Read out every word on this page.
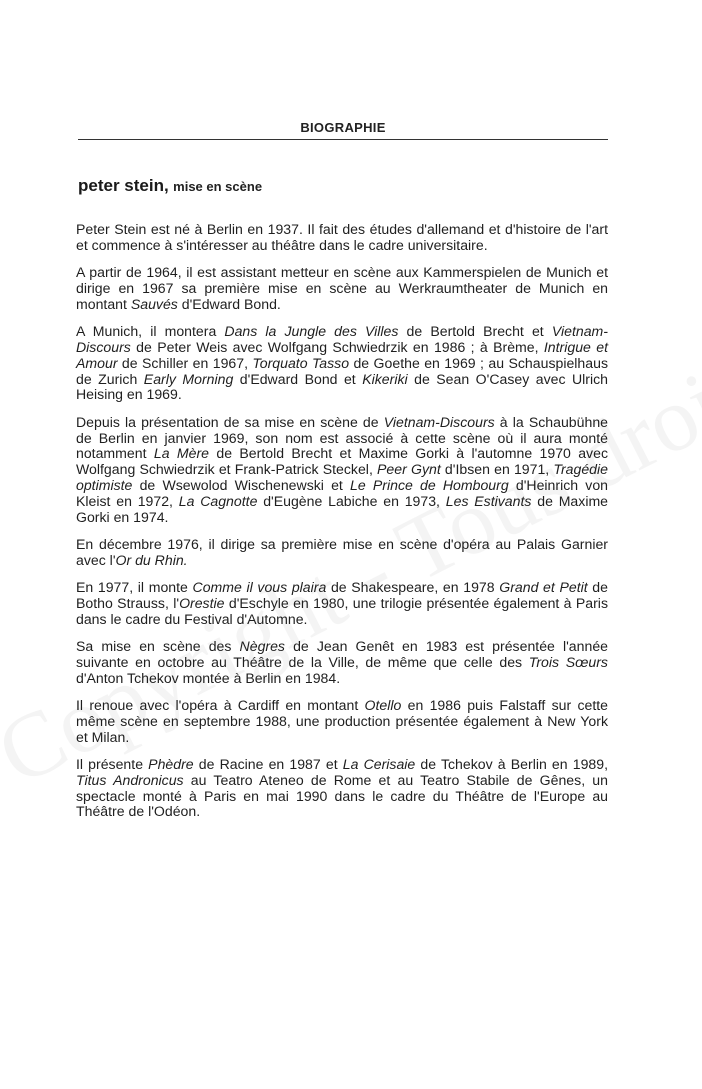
BIOGRAPHIE
peter stein, mise en scène

Peter Stein est né à Berlin en 1937. Il fait des études d'allemand et d'histoire de l'art et commence à s'intéresser au théâtre dans le cadre universitaire.

A partir de 1964, il est assistant metteur en scène aux Kammerspielen de Munich et dirige en 1967 sa première mise en scène au Werkraumtheater de Munich en montant Sauvés d'Edward Bond.

A Munich, il montera Dans la Jungle des Villes de Bertold Brecht et Vietnam-Discours de Peter Weis avec Wolfgang Schwiedrzik en 1986 ; à Brème, Intrigue et Amour de Schiller en 1967, Torquato Tasso de Goethe en 1969 ; au Schauspielhaus de Zurich Early Morning d'Edward Bond et Kikeriki de Sean O'Casey avec Ulrich Heising en 1969.

Depuis la présentation de sa mise en scène de Vietnam-Discours à la Schaubühne de Berlin en janvier 1969, son nom est associé à cette scène où il aura monté notamment La Mère de Bertold Brecht et Maxime Gorki à l'automne 1970 avec Wolfgang Schwiedrzik et Frank-Patrick Steckel, Peer Gynt d'Ibsen en 1971, Tragédie optimiste de Wsewolod Wischenewski et Le Prince de Hombourg d'Heinrich von Kleist en 1972, La Cagnotte d'Eugène Labiche en 1973, Les Estivants de Maxime Gorki en 1974.

En décembre 1976, il dirige sa première mise en scène d'opéra au Palais Garnier avec l'Or du Rhin.

En 1977, il monte Comme il vous plaira de Shakespeare, en 1978 Grand et Petit de Botho Strauss, l'Orestie d'Eschyle en 1980, une trilogie présentée également à Paris dans le cadre du Festival d'Automne.

Sa mise en scène des Nègres de Jean Genêt en 1983 est présentée l'année suivante en octobre au Théâtre de la Ville, de même que celle des Trois Sœurs d'Anton Tchekov montée à Berlin en 1984.

Il renoue avec l'opéra à Cardiff en montant Otello en 1986 puis Falstaff sur cette même scène en septembre 1988, une production présentée également à New York et Milan.

Il présente Phèdre de Racine en 1987 et La Cerisaie de Tchekov à Berlin en 1989, Titus Andronicus au Teatro Ateneo de Rome et au Teatro Stabile de Gênes, un spectacle monté à Paris en mai 1990 dans le cadre du Théâtre de l'Europe au Théâtre de l'Odéon.
